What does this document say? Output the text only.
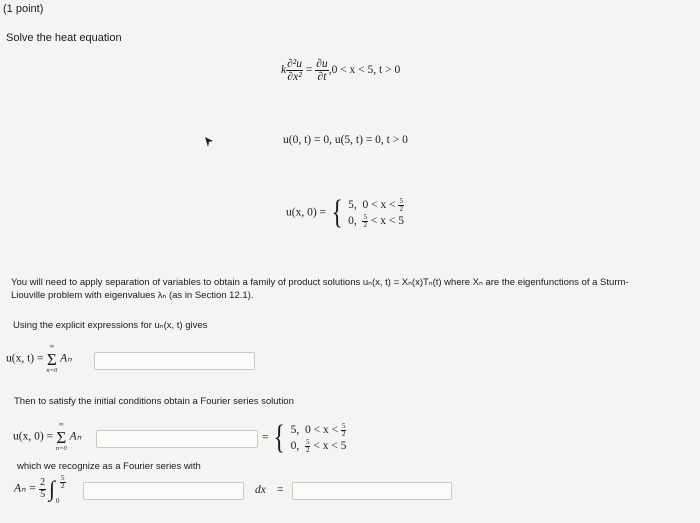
(1 point)
Solve the heat equation
k $\frac{\text{∂²u}}{\text{∂x²}} = \frac{\partial u}{\partial t} ,0 < x < 5$, t > 0
u(0, t) = 0, u(5, t) = 0, t > 0
u(x, 0) = { 5, $0 < x < \frac{5}{2}$
0, $\frac{5}{2} < x < 5$
You will need to apply separation of variables to obtain a family of product solutions uₙ(x, t) = Xₙ(x)Tₙ(t) where Xₙ are the eigenfunctions of a Sturm-
Liouville problem with eigenvalues λₙ (as in Section 12.1).
Using the explicit expressions for uₙ(x, t) gives
u(x, t) =
∞
Σ
n=0
Aₙ
Then to satisfy the initial conditions obtain a Fourier series solution
u(x, 0) =
∞
Σ
n=0
Aₙ	= { 5, $0 < x < \frac{5}{2}$
0, $\frac{5}{2} < x < 5$
which we recognize as a Fourier series with
$A_n = \frac{2}{5}$ ∫ 5
2
0
dx =
